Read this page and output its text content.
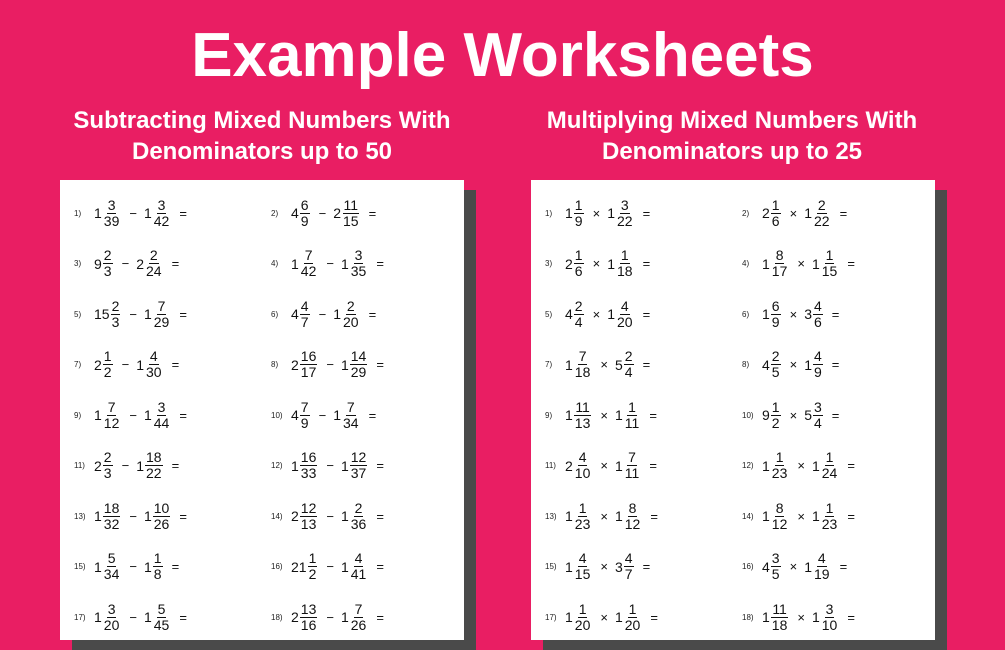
Example Worksheets
Subtracting Mixed Numbers With
Denominators up to 50
Multiplying Mixed Numbers With
Denominators up to 25
1) $1 \frac{3}{39} - 1 \frac{3}{42}$ =	2) $4 \frac{6}{9} - 2 \frac{11}{15}$ =
3) $9 \frac{2}{3} - 2 \frac{2}{24}$ =	4) $1 \frac{7}{42} - 1 \frac{3}{35}$ =
5) $15 \frac{2}{3} - 1 \frac{7}{29}$ =	6) $4 \frac{4}{7} - 1 \frac{2}{20}$ =
7) $2 \frac{1}{2} - 1 \frac{4}{30}$ =	8) $2 \frac{16}{17} - 1 \frac{14}{29}$ =
9) $1 \frac{7}{12} - 1 \frac{3}{44}$ =	10) $4 \frac{7}{9} - 1 \frac{7}{34}$ =
11) $2 \frac{2}{3} - 1 \frac{18}{22}$ =	12) $1 \frac{16}{33} - 1 \frac{12}{37}$ =
13) $1 \frac{18}{32} - 1 \frac{10}{26}$ =	14) $2 \frac{12}{13} - 1 \frac{2}{36}$ =
15) $1 \frac{5}{34} - 1 \frac{1}{8}$ =	16) $21 \frac{1}{2} - 1 \frac{4}{41}$ =
17) $1 \frac{3}{20} - 1 \frac{5}{45}$ =	18) $2 \frac{13}{16} - 1 \frac{7}{26}$ =
1) $1 \frac{1}{9} \times 1 \frac{3}{22}$ =	2) $2 \frac{1}{6} \times 1 \frac{2}{22}$ =
3) $2 \frac{1}{6} \times 1 \frac{1}{18}$ =	4) $1 \frac{8}{17} \times 1 \frac{1}{15}$ =
5) $4 \frac{2}{4} \times 1 \frac{4}{20}$ =	6) $1 \frac{6}{9} \times 3 \frac{4}{6}$ =
7) $1 \frac{7}{18} \times 5 \frac{2}{4}$ =	8) $4 \frac{2}{5} \times 1 \frac{4}{9}$ =
9) $1 \frac{11}{13} \times 1 \frac{1}{11}$ =	10) $9 \frac{1}{2} \times 5 \frac{3}{4}$ =
11) $2 \frac{4}{10} \times 1 \frac{7}{11}$ =	12) $1 \frac{1}{23} \times 1 \frac{1}{24}$ =
13) $1 \frac{1}{23} \times 1 \frac{8}{12}$ =	14) $1 \frac{8}{12} \times 1 \frac{1}{23}$ =
15) $1 \frac{4}{15} \times 3 \frac{4}{7}$ =	16) $4 \frac{3}{5} \times 1 \frac{4}{19}$ =
17) $1 \frac{1}{20} \times 1 \frac{1}{20}$ =	18) $1 \frac{11}{18} \times 1 \frac{3}{10}$ =
